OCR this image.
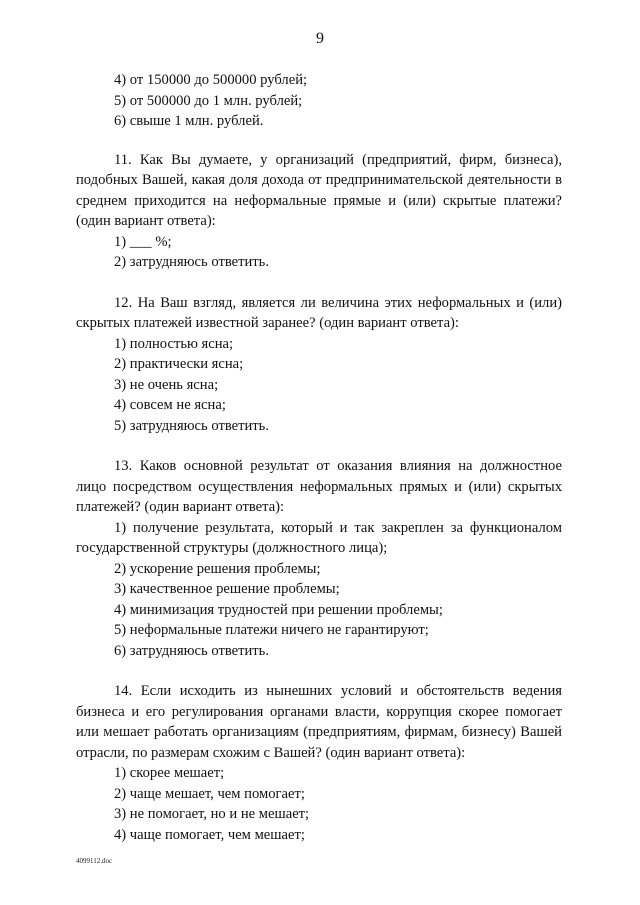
9
4) от 150000 до 500000 рублей;
5) от 500000 до 1 млн. рублей;
6) свыше 1 млн. рублей.
11. Как Вы думаете, у организаций (предприятий, фирм, бизнеса), подобных Вашей, какая доля дохода от предпринимательской деятельности в среднем приходится на неформальные прямые и (или) скрытые платежи? (один вариант ответа):
1) ___ %;
2) затрудняюсь ответить.
12. На Ваш взгляд, является ли величина этих неформальных и (или) скрытых платежей известной заранее? (один вариант ответа):
1) полностью ясна;
2) практически ясна;
3) не очень ясна;
4) совсем не ясна;
5) затрудняюсь ответить.
13. Каков основной результат от оказания влияния на должностное лицо посредством осуществления неформальных прямых и (или) скрытых платежей? (один вариант ответа):
1) получение результата, который и так закреплен за функционалом государственной структуры (должностного лица);
2) ускорение решения проблемы;
3) качественное решение проблемы;
4) минимизация трудностей при решении проблемы;
5) неформальные платежи ничего не гарантируют;
6) затрудняюсь ответить.
14. Если исходить из нынешних условий и обстоятельств ведения бизнеса и его регулирования органами власти, коррупция скорее помогает или мешает работать организациям (предприятиям, фирмам, бизнесу) Вашей отрасли, по размерам схожим с Вашей? (один вариант ответа):
1) скорее мешает;
2) чаще мешает, чем помогает;
3) не помогает, но и не мешает;
4) чаще помогает, чем мешает;
4099112.doc
